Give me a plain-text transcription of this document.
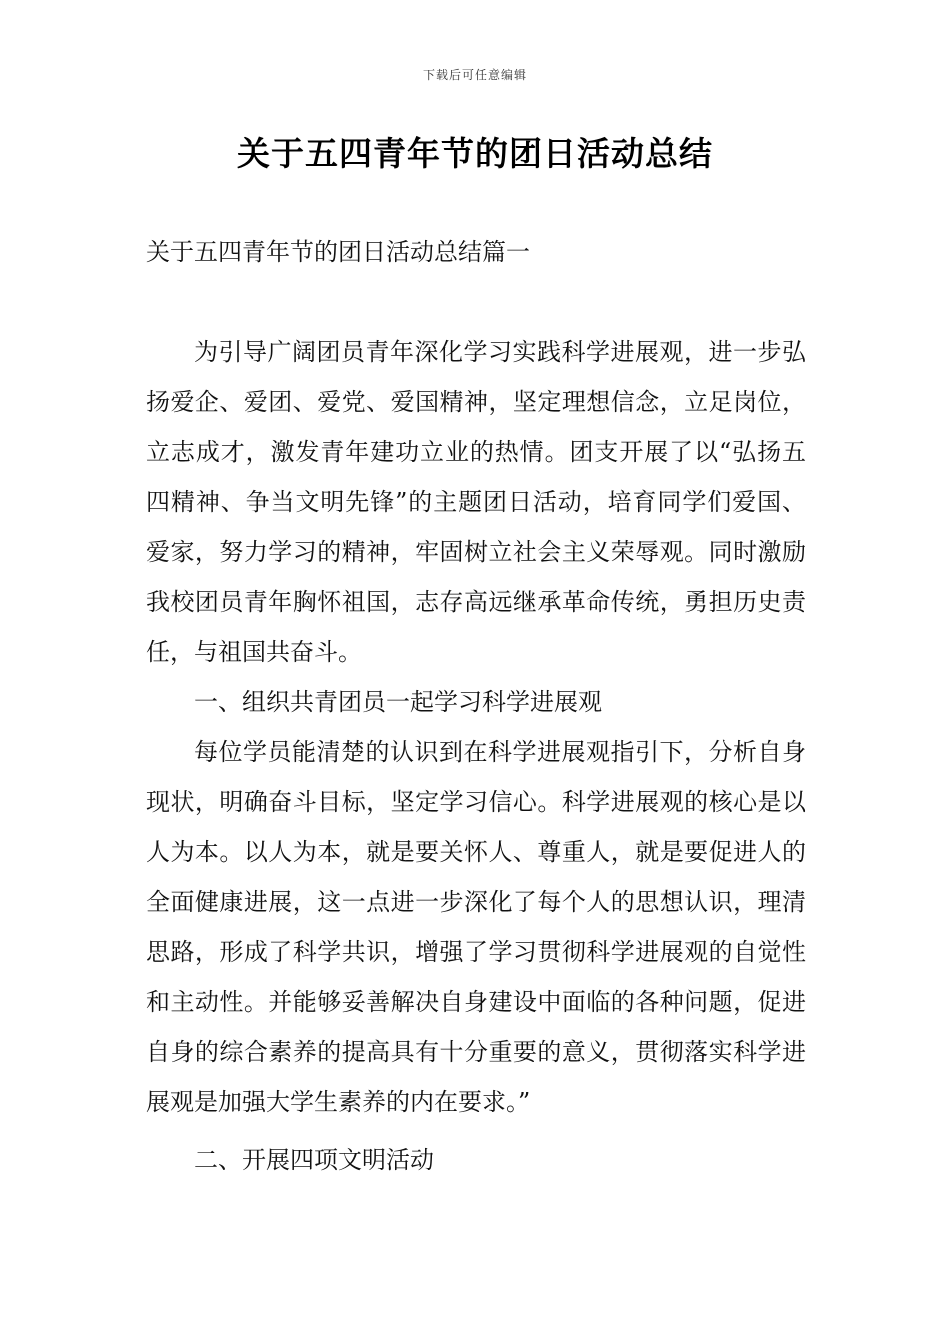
下载后可任意编辑
关于五四青年节的团日活动总结
关于五四青年节的团日活动总结篇一

为引导广阔团员青年深化学习实践科学进展观，进一步弘扬爱企、爱团、爱党、爱国精神，坚定理想信念，立足岗位，立志成才，激发青年建功立业的热情。团支开展了以“弘扬五四精神、争当文明先锋”的主题团日活动，培育同学们爱国、爱家，努力学习的精神，牢固树立社会主义荣辱观。同时激励我校团员青年胸怀祖国，志存高远继承革命传统，勇担历史责任，与祖国共奋斗。

一、组织共青团员一起学习科学进展观

每位学员能清楚的认识到在科学进展观指引下，分析自身现状，明确奋斗目标，坚定学习信心。科学进展观的核心是以人为本。以人为本，就是要关怀人、尊重人，就是要促进人的全面健康进展，这一点进一步深化了每个人的思想认识，理清思路，形成了科学共识，增强了学习贯彻科学进展观的自觉性和主动性。并能够妥善解决自身建设中面临的各种问题，促进自身的综合素养的提高具有十分重要的意义，贯彻落实科学进展观是加强大学生素养的内在要求。”

二、开展四项文明活动
